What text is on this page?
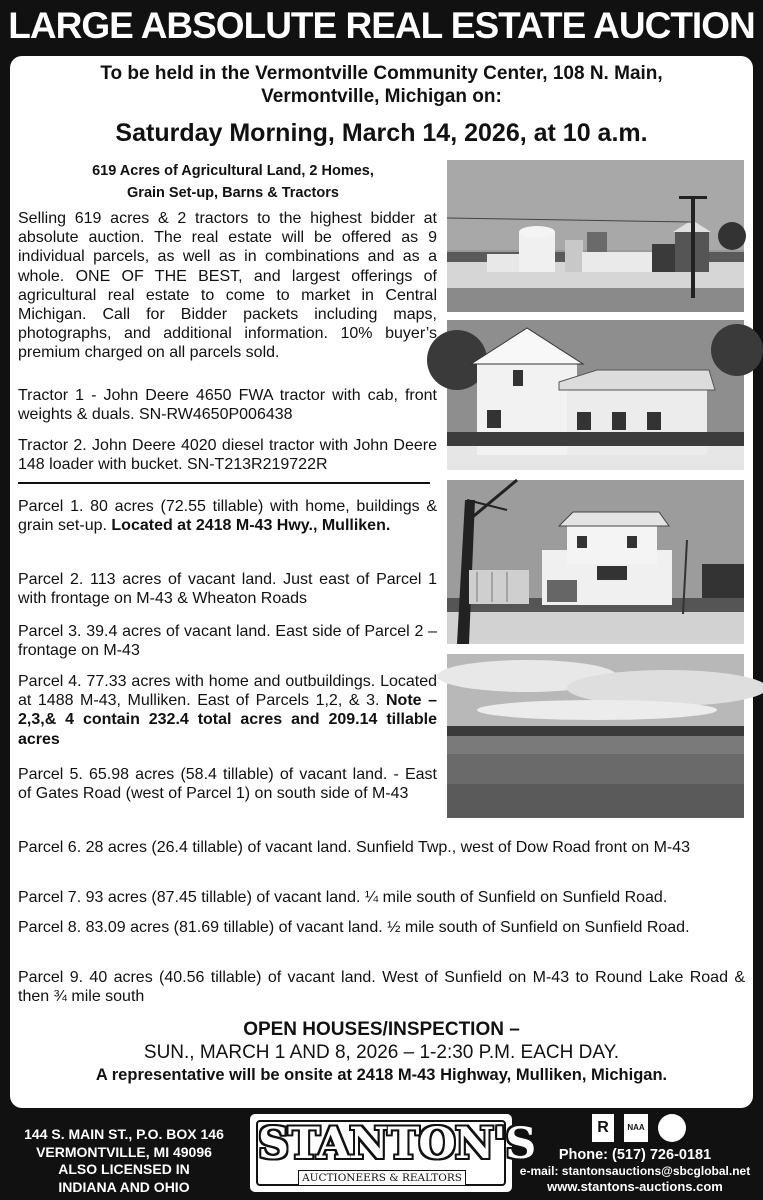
LARGE ABSOLUTE REAL ESTATE AUCTION
To be held in the Vermontville Community Center, 108 N. Main,
Vermontville, Michigan on:
Saturday Morning, March 14, 2026, at 10 a.m.
619 Acres of Agricultural Land, 2 Homes,
Grain Set-up, Barns & Tractors
Selling 619 acres & 2 tractors to the highest bidder at absolute auction. The real estate will be offered as 9 individual parcels, as well as in combinations and as a whole. ONE OF THE BEST, and largest offerings of agricultural real estate to come to market in Central Michigan. Call for Bidder packets including maps, photographs, and additional information. 10% buyer’s premium charged on all parcels sold.
Tractor 1 - John Deere 4650 FWA tractor with cab, front weights & duals. SN-RW4650P006438
Tractor 2. John Deere 4020 diesel tractor with John Deere 148 loader with bucket. SN-T213R219722R
Parcel 1. 80 acres (72.55 tillable) with home, buildings & grain set-up. Located at 2418 M-43 Hwy., Mulliken.
Parcel 2. 113 acres of vacant land. Just east of Parcel 1 with frontage on M-43 & Wheaton Roads
Parcel 3. 39.4 acres of vacant land. East side of Parcel 2 – frontage on M-43
Parcel 4. 77.33 acres with home and outbuildings. Located at 1488 M-43, Mulliken. East of Parcels 1,2, & 3. Note – 2,3,& 4 contain 232.4 total acres and 209.14 tillable acres
Parcel 5. 65.98 acres (58.4 tillable) of vacant land. - East of Gates Road (west of Parcel 1) on south side of M-43
Parcel 6. 28 acres (26.4 tillable) of vacant land. Sunfield Twp., west of Dow Road front on M-43
Parcel 7. 93 acres (87.45 tillable) of vacant land. ¼ mile south of Sunfield on Sunfield Road.
Parcel 8. 83.09 acres (81.69 tillable) of vacant land. ½ mile south of Sunfield on Sunfield Road.
Parcel 9. 40 acres (40.56 tillable) of vacant land. West of Sunfield on M-43 to Round Lake Road & then ¾ mile south
OPEN HOUSES/INSPECTION –
SUN., MARCH 1 AND 8, 2026 – 1-2:30 P.M. EACH DAY.
A representative will be onsite at 2418 M-43 Highway, Mulliken, Michigan.
144 S. MAIN ST., P.O. BOX 146
VERMONTVILLE, MI 49096
ALSO LICENSED IN
INDIANA AND OHIO
STANTON'S
AUCTIONEERS & REALTORS
R	NAA
Phone: (517) 726-0181
e-mail: stantonsauctions@sbcglobal.net
www.stantons-auctions.com
